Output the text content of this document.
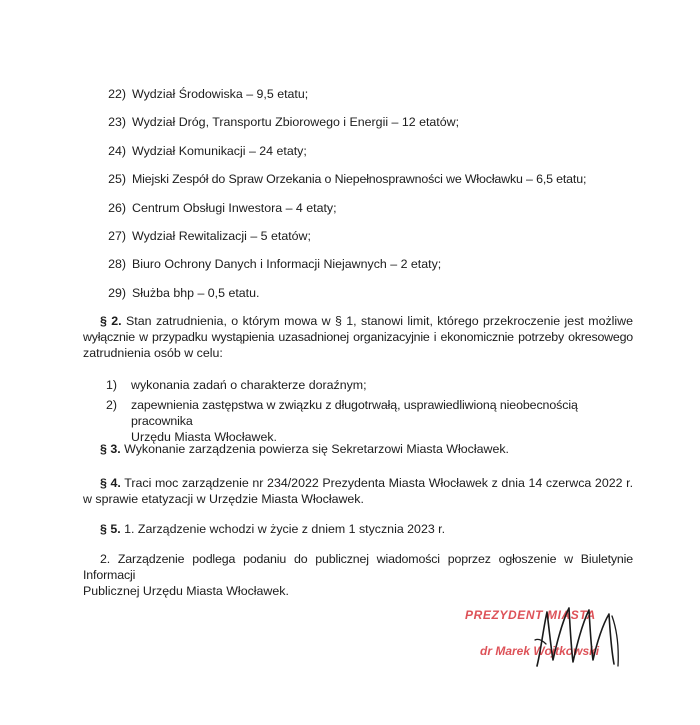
22) Wydział Środowiska – 9,5 etatu;
23) Wydział Dróg, Transportu Zbiorowego i Energii – 12 etatów;
24) Wydział Komunikacji – 24 etaty;
25) Miejski Zespół do Spraw Orzekania o Niepełnosprawności we Włocławku – 6,5 etatu;
26) Centrum Obsługi Inwestora – 4 etaty;
27) Wydział Rewitalizacji – 5 etatów;
28) Biuro Ochrony Danych i Informacji Niejawnych – 2 etaty;
29) Służba bhp – 0,5 etatu.

§ 2. Stan zatrudnienia, o którym mowa w § 1, stanowi limit, którego przekroczenie jest możliwe

wyłącznie w przypadku wystąpienia uzasadnionej organizacyjnie i ekonomicznie potrzeby okresowego

zatrudnienia osób w celu:

1) wykonania zadań o charakterze doraźnym;
2) zapewnienia zastępstwa w związku z długotrwałą, usprawiedliwioną nieobecnością pracownika
Urzędu Miasta Włocławek.

§ 3. Wykonanie zarządzenia powierza się Sekretarzowi Miasta Włocławek.

§ 4. Traci moc zarządzenie nr 234/2022 Prezydenta Miasta Włocławek z dnia 14 czerwca 2022 r.

w sprawie etatyzacji w Urzędzie Miasta Włocławek.

§ 5. 1. Zarządzenie wchodzi w życie z dniem 1 stycznia 2023 r.

2. Zarządzenie podlega podaniu do publicznej wiadomości poprzez ogłoszenie w Biuletynie Informacji

Publicznej Urzędu Miasta Włocławek.

PREZYDENT MIASTA
dr Marek Wojtkowski
